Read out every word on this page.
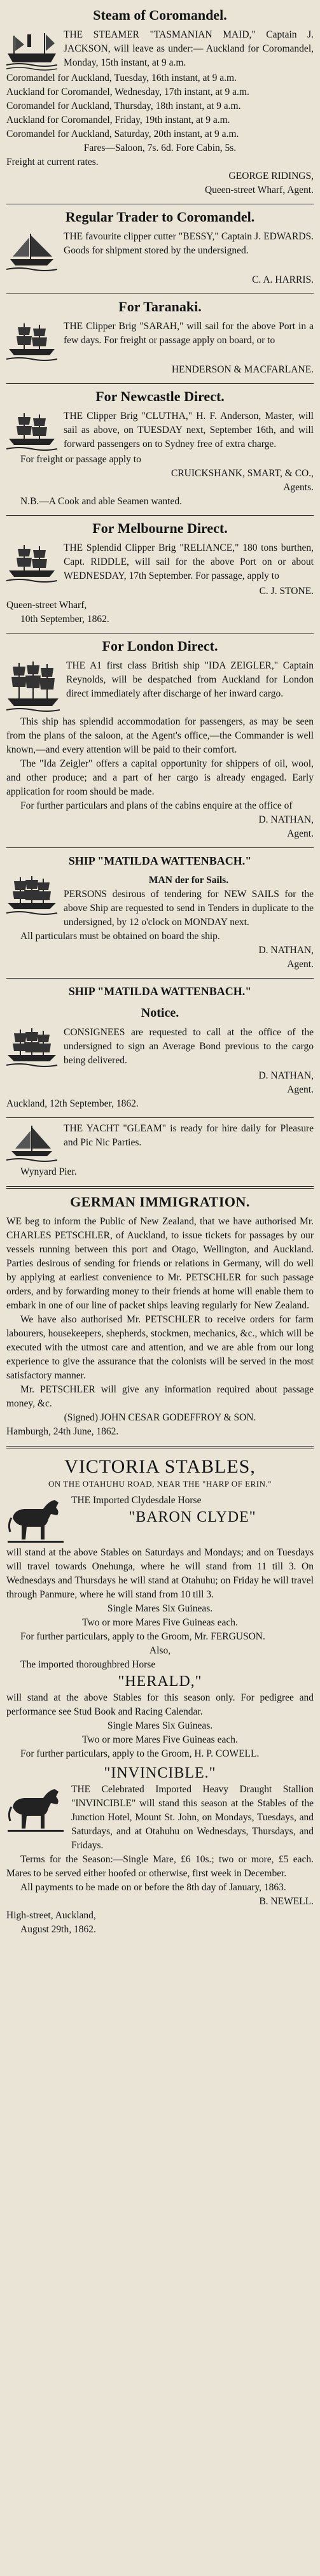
Steam of Coromandel.
THE STEAMER "TASMANIAN MAID," Captain J. JACKSON, will leave as under:— Auckland for Coromandel, Monday, 15th instant, at 9 a.m.

Coromandel for Auckland, Tuesday, 16th instant, at 9 a.m.

Auckland for Coromandel, Wednesday, 17th instant, at 9 a.m.

Coromandel for Auckland, Thursday, 18th instant, at 9 a.m.

Auckland for Coromandel, Friday, 19th instant, at 9 a.m.

Coromandel for Auckland, Saturday, 20th instant, at 9 a.m.

Fares—Saloon, 7s. 6d. Fore Cabin, 5s.

Freight at current rates.

GEORGE RIDINGS,

Queen-street Wharf, Agent.

Regular Trader to Coromandel.
THE favourite clipper cutter "BESSY," Captain J. EDWARDS. Goods for shipment stored by the undersigned.

C. A. HARRIS.

For Taranaki.
THE Clipper Brig "SARAH," will sail for the above Port in a few days. For freight or passage apply on board, or to

HENDERSON & MACFARLANE.

For Newcastle Direct.
THE Clipper Brig "CLUTHA," H. F. Anderson, Master, will sail as above, on TUESDAY next, September 16th, and will forward passengers on to Sydney free of extra charge.

For freight or passage apply to

CRUICKSHANK, SMART, & CO.,

Agents.

N.B.—A Cook and able Seamen wanted.

For Melbourne Direct.
THE Splendid Clipper Brig "RELIANCE," 180 tons burthen, Capt. RIDDLE, will sail for the above Port on or about WEDNESDAY, 17th September. For passage, apply to

C. J. STONE.

Queen-street Wharf,

10th September, 1862.

For London Direct.
THE A1 first class British ship "IDA ZEIGLER," Captain Reynolds, will be despatched from Auckland for London direct immediately after discharge of her inward cargo.

This ship has splendid accommodation for passengers, as may be seen from the plans of the saloon, at the Agent's office,—the Commander is well known,—and every attention will be paid to their comfort.

The "Ida Zeigler" offers a capital opportunity for shippers of oil, wool, and other produce; and a part of her cargo is already engaged. Early application for room should be made.

For further particulars and plans of the cabins enquire at the office of

D. NATHAN,

Agent.

SHIP "MATILDA WATTENBACH."
MAN der for Sails.
PERSONS desirous of tendering for NEW SAILS for the above Ship are requested to send in Tenders in duplicate to the undersigned, by 12 o'clock on MONDAY next.

All particulars must be obtained on board the ship.

D. NATHAN,

Agent.

SHIP "MATILDA WATTENBACH."
Notice.
CONSIGNEES are requested to call at the office of the undersigned to sign an Average Bond previous to the cargo being delivered.

D. NATHAN,

Agent.

Auckland, 12th September, 1862.

THE YACHT "GLEAM" is ready for hire daily for Pleasure and Pic Nic Parties.

Wynyard Pier.

GERMAN IMMIGRATION.

WE beg to inform the Public of New Zealand, that we have authorised Mr. CHARLES PETSCHLER, of Auckland, to issue tickets for passages by our vessels running between this port and Otago, Wellington, and Auckland. Parties desirous of sending for friends or relations in Germany, will do well by applying at earliest convenience to Mr. PETSCHLER for such passage orders, and by forwarding money to their friends at home will enable them to embark in one of our line of packet ships leaving regularly for New Zealand.

We have also authorised Mr. PETSCHLER to receive orders for farm labourers, housekeepers, shepherds, stockmen, mechanics, &c., which will be executed with the utmost care and attention, and we are able from our long experience to give the assurance that the colonists will be served in the most satisfactory manner.

Mr. PETSCHLER will give any information required about passage money, &c.

(Signed) JOHN CESAR GODEFFROY & SON.

Hamburgh, 24th June, 1862.

VICTORIA STABLES,
ON THE OTAHUHU ROAD, NEAR THE "HARP OF ERIN."
THE Imported Clydesdale Horse
"BARON CLYDE"

will stand at the above Stables on Saturdays and Mondays; and on Tuesdays will travel towards Onehunga, where he will stand from 11 till 3. On Wednesdays and Thursdays he will stand at Otahuhu; on Friday he will travel through Panmure, where he will stand from 10 till 3.

Single Mares Six Guineas.

Two or more Mares Five Guineas each.

For further particulars, apply to the Groom, Mr. FERGUSON.

Also,

The imported thoroughbred Horse

"HERALD,"

will stand at the above Stables for this season only. For pedigree and performance see Stud Book and Racing Calendar.

Single Mares Six Guineas.

Two or more Mares Five Guineas each.

For further particulars, apply to the Groom, H. P. COWELL.

"INVINCIBLE."
THE Celebrated Imported Heavy Draught Stallion "INVINCIBLE" will stand this season at the Stables of the Junction Hotel, Mount St. John, on Mondays, Tuesdays, and Saturdays, and at Otahuhu on Wednesdays, Thursdays, and Fridays.

Terms for the Season:—Single Mare, £6 10s.; two or more, £5 each. Mares to be served either hoofed or otherwise, first week in December.

All payments to be made on or before the 8th day of January, 1863.

B. NEWELL.

High-street, Auckland,

August 29th, 1862.
